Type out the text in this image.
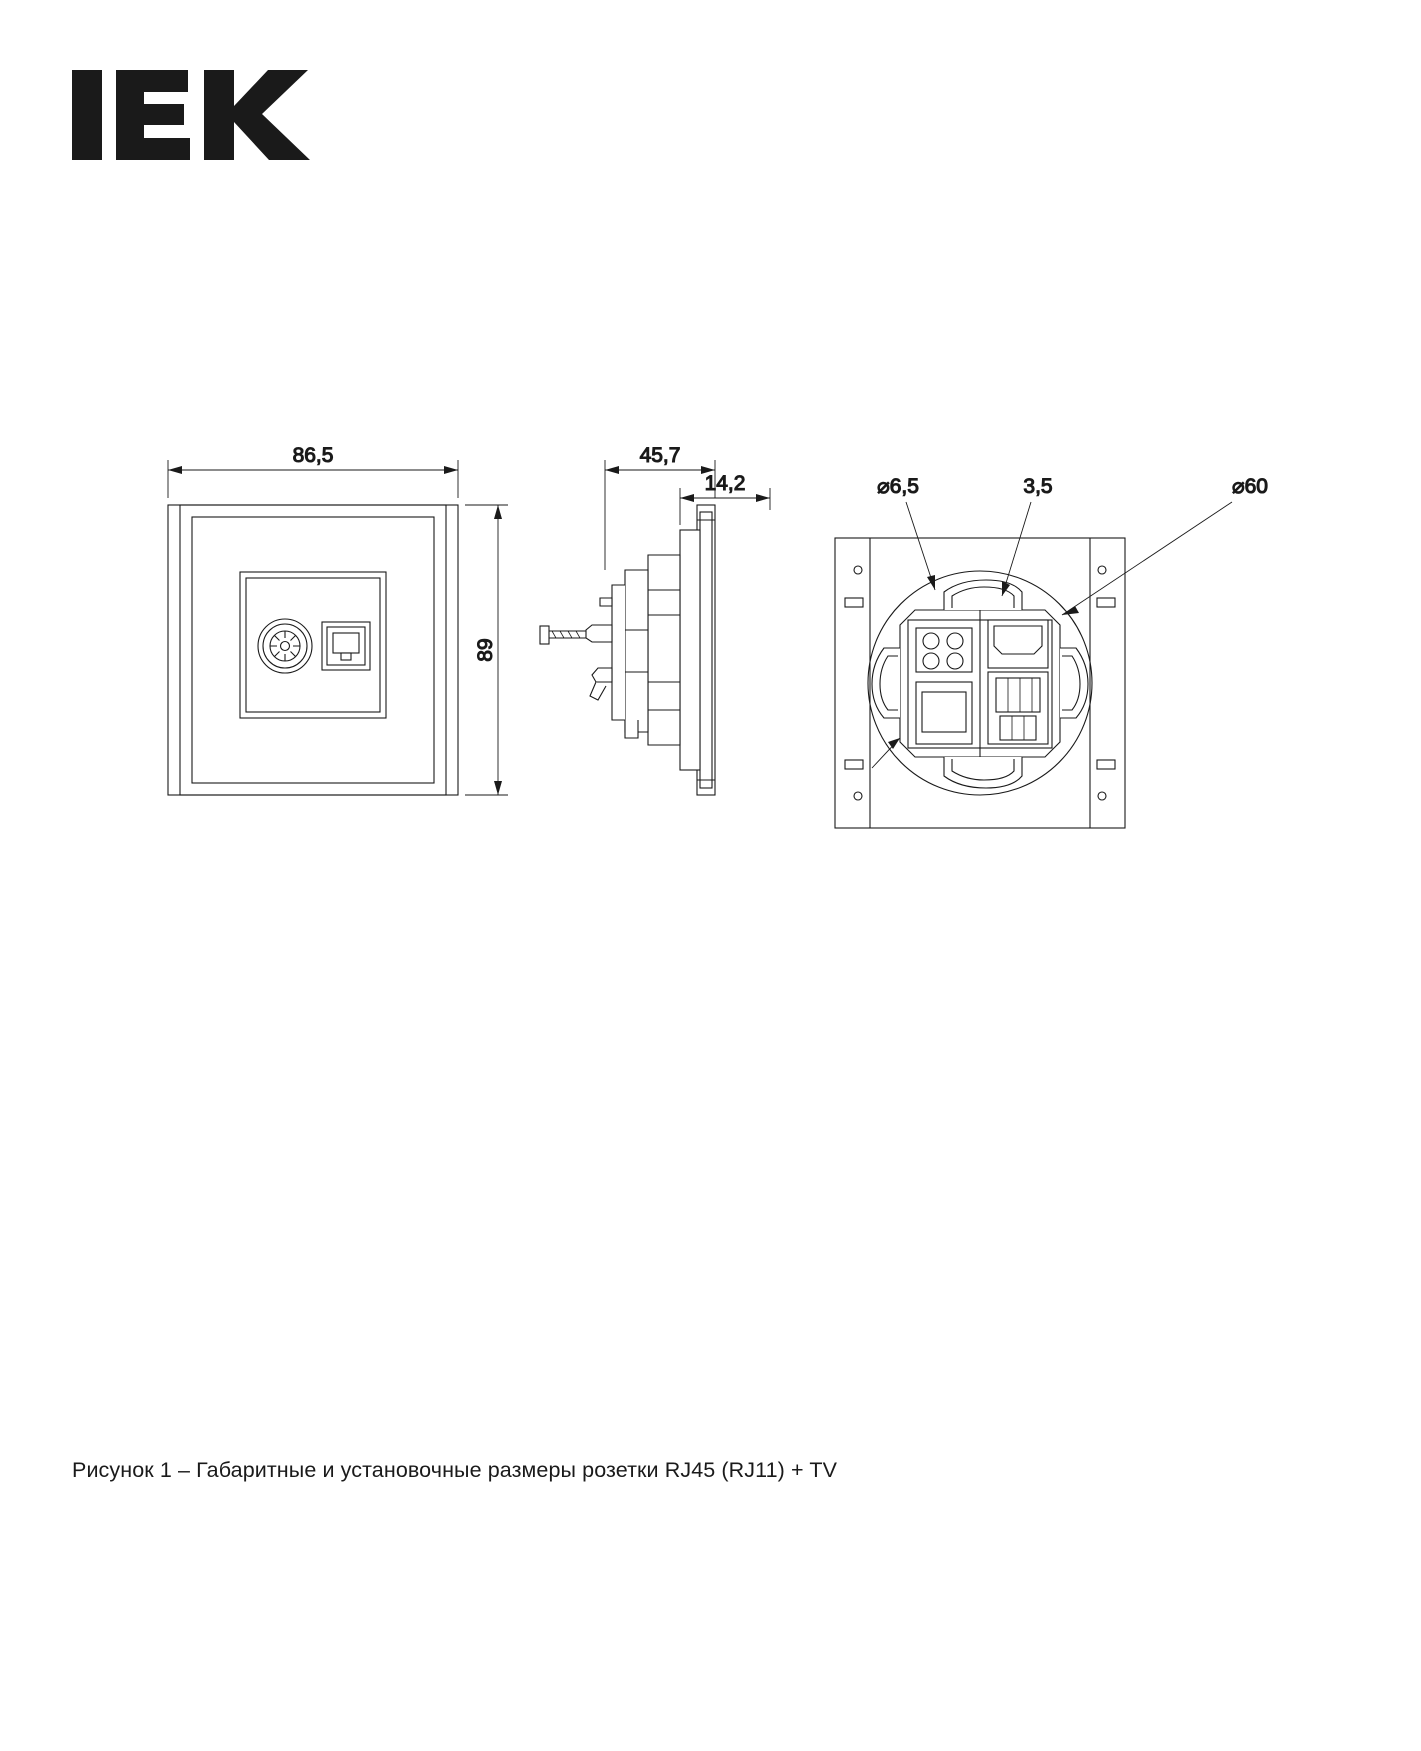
86,5
89
45,7
14,2	⌀6,5	3,5	⌀60
Рисунок 1 – Габаритные и установочные размеры розетки RJ45 (RJ11) + TV
